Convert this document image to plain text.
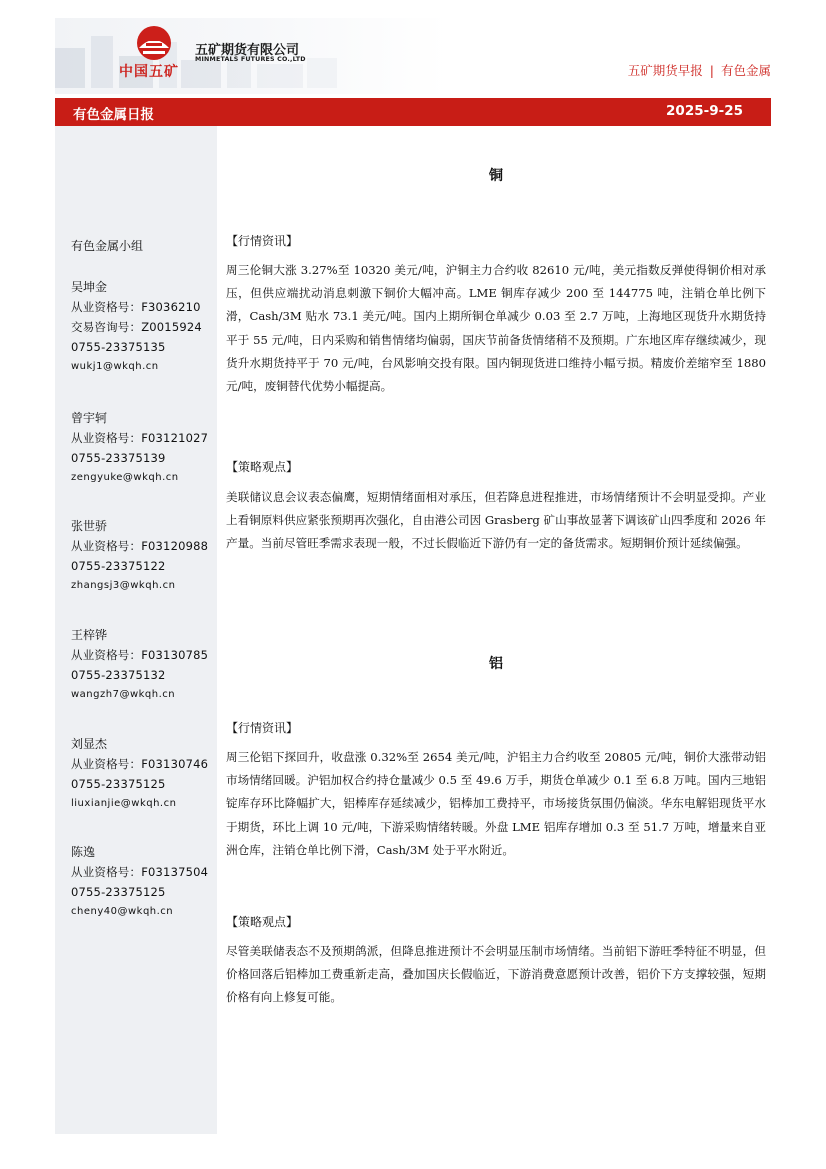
中国五矿
五矿期货有限公司
MINMETALS FUTURES CO.,LTD
五矿期货早报 | 有色金属
有色金属日报	2025-9-25
有色金属小组
吴坤金
从业资格号：F3036210
交易咨询号：Z0015924
0755-23375135
wukj1@wkqh.cn
曾宇轲
从业资格号：F03121027
0755-23375139
zengyuke@wkqh.cn
张世骄
从业资格号：F03120988
0755-23375122
zhangsj3@wkqh.cn
王梓铧
从业资格号：F03130785
0755-23375132
wangzh7@wkqh.cn
刘显杰
从业资格号：F03130746
0755-23375125
liuxianjie@wkqh.cn
陈逸
从业资格号：F03137504
0755-23375125
cheny40@wkqh.cn
铜
【行情资讯】

周三伦铜大涨 3.27%至 10320 美元/吨，沪铜主力合约收 82610 元/吨，美元指数反弹使得铜价相对承压，但供应端扰动消息刺激下铜价大幅冲高。LME 铜库存减少 200 至 144775 吨，注销仓单比例下滑，Cash/3M 贴水 73.1 美元/吨。国内上期所铜仓单减少 0.03 至 2.7 万吨，上海地区现货升水期货持平于 55 元/吨，日内采购和销售情绪均偏弱，国庆节前备货情绪稍不及预期。广东地区库存继续减少，现货升水期货持平于 70 元/吨，台风影响交投有限。国内铜现货进口维持小幅亏损。精废价差缩窄至 1880 元/吨，废铜替代优势小幅提高。

【策略观点】

美联储议息会议表态偏鹰，短期情绪面相对承压，但若降息进程推进，市场情绪预计不会明显受抑。产业上看铜原料供应紧张预期再次强化，自由港公司因 Grasberg 矿山事故显著下调该矿山四季度和 2026 年产量。当前尽管旺季需求表现一般，不过长假临近下游仍有一定的备货需求。短期铜价预计延续偏强。

铝
【行情资讯】

周三伦铝下探回升，收盘涨 0.32%至 2654 美元/吨，沪铝主力合约收至 20805 元/吨，铜价大涨带动铝市场情绪回暖。沪铝加权合约持仓量减少 0.5 至 49.6 万手，期货仓单减少 0.1 至 6.8 万吨。国内三地铝锭库存环比降幅扩大，铝棒库存延续减少，铝棒加工费持平，市场接货氛围仍偏淡。华东电解铝现货平水于期货，环比上调 10 元/吨，下游采购情绪转暖。外盘 LME 铝库存增加 0.3 至 51.7 万吨，增量来自亚洲仓库，注销仓单比例下滑，Cash/3M 处于平水附近。

【策略观点】

尽管美联储表态不及预期鸽派，但降息推进预计不会明显压制市场情绪。当前铝下游旺季特征不明显，但价格回落后铝棒加工费重新走高，叠加国庆长假临近，下游消费意愿预计改善，铝价下方支撑较强，短期价格有向上修复可能。
